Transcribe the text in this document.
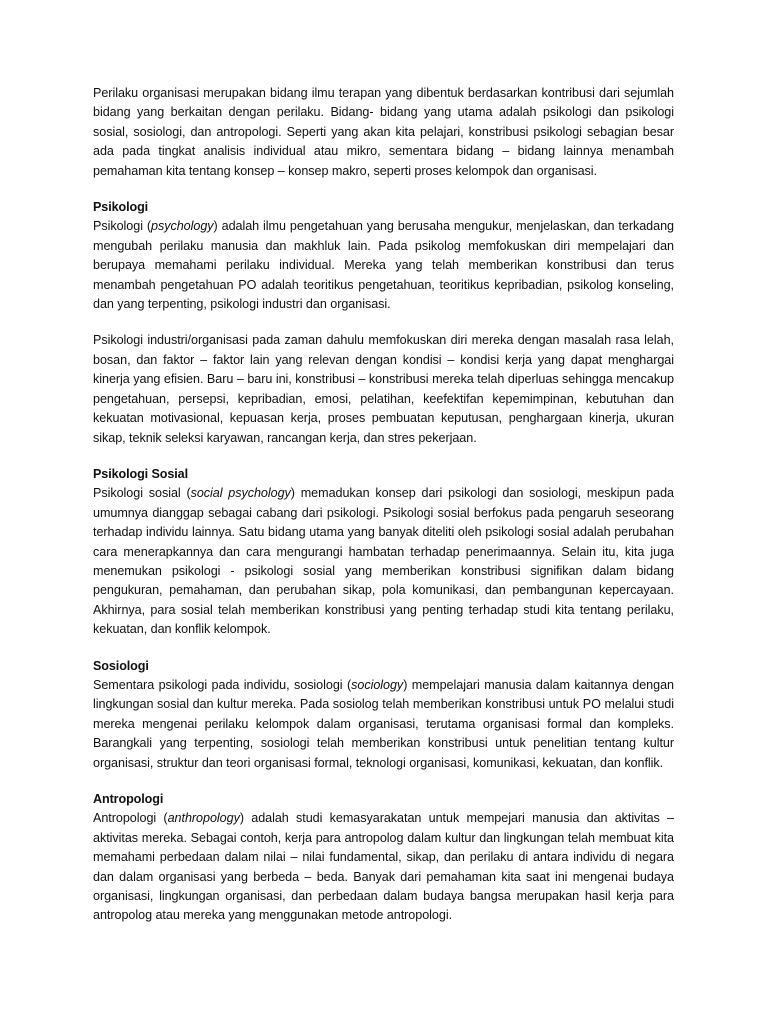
Perilaku organisasi merupakan bidang ilmu terapan yang dibentuk berdasarkan kontribusi dari sejumlah bidang yang berkaitan dengan perilaku. Bidang- bidang yang utama adalah psikologi dan psikologi sosial, sosiologi, dan antropologi. Seperti yang akan kita pelajari, konstribusi psikologi sebagian besar ada pada tingkat analisis individual atau mikro, sementara bidang – bidang lainnya menambah pemahaman kita tentang konsep – konsep makro, seperti proses kelompok dan organisasi.

Psikologi

Psikologi (psychology) adalah ilmu pengetahuan yang berusaha mengukur, menjelaskan, dan terkadang mengubah perilaku manusia dan makhluk lain. Pada psikolog memfokuskan diri mempelajari dan berupaya memahami perilaku individual. Mereka yang telah memberikan konstribusi dan terus menambah pengetahuan PO adalah teoritikus pengetahuan, teoritikus kepribadian, psikolog konseling, dan yang terpenting, psikologi industri dan organisasi.

Psikologi industri/organisasi pada zaman dahulu memfokuskan diri mereka dengan masalah rasa lelah, bosan, dan faktor – faktor lain yang relevan dengan kondisi – kondisi kerja yang dapat menghargai kinerja yang efisien. Baru – baru ini, konstribusi – konstribusi mereka telah diperluas sehingga mencakup pengetahuan, persepsi, kepribadian, emosi, pelatihan, keefektifan kepemimpinan, kebutuhan dan kekuatan motivasional, kepuasan kerja, proses pembuatan keputusan, penghargaan kinerja, ukuran sikap, teknik seleksi karyawan, rancangan kerja, dan stres pekerjaan.

Psikologi Sosial

Psikologi sosial (social psychology) memadukan konsep dari psikologi dan sosiologi, meskipun pada umumnya dianggap sebagai cabang dari psikologi. Psikologi sosial berfokus pada pengaruh seseorang terhadap individu lainnya. Satu bidang utama yang banyak diteliti oleh psikologi sosial adalah perubahan cara menerapkannya dan cara mengurangi hambatan terhadap penerimaannya. Selain itu, kita juga menemukan psikologi - psikologi sosial yang memberikan konstribusi signifikan dalam bidang pengukuran, pemahaman, dan perubahan sikap, pola komunikasi, dan pembangunan kepercayaan. Akhirnya, para sosial telah memberikan konstribusi yang penting terhadap studi kita tentang perilaku, kekuatan, dan konflik kelompok.

Sosiologi

Sementara psikologi pada individu, sosiologi (sociology) mempelajari manusia dalam kaitannya dengan lingkungan sosial dan kultur mereka. Pada sosiolog telah memberikan konstribusi untuk PO melalui studi mereka mengenai perilaku kelompok dalam organisasi, terutama organisasi formal dan kompleks. Barangkali yang terpenting, sosiologi telah memberikan konstribusi untuk penelitian tentang kultur organisasi, struktur dan teori organisasi formal, teknologi organisasi, komunikasi, kekuatan, dan konflik.

Antropologi

Antropologi (anthropology) adalah studi kemasyarakatan untuk mempejari manusia dan aktivitas – aktivitas mereka. Sebagai contoh, kerja para antropolog dalam kultur dan lingkungan telah membuat kita memahami perbedaan dalam nilai – nilai fundamental, sikap, dan perilaku di antara individu di negara dan dalam organisasi yang berbeda – beda. Banyak dari pemahaman kita saat ini mengenai budaya organisasi, lingkungan organisasi, dan perbedaan dalam budaya bangsa merupakan hasil kerja para antropolog atau mereka yang menggunakan metode antropologi.
